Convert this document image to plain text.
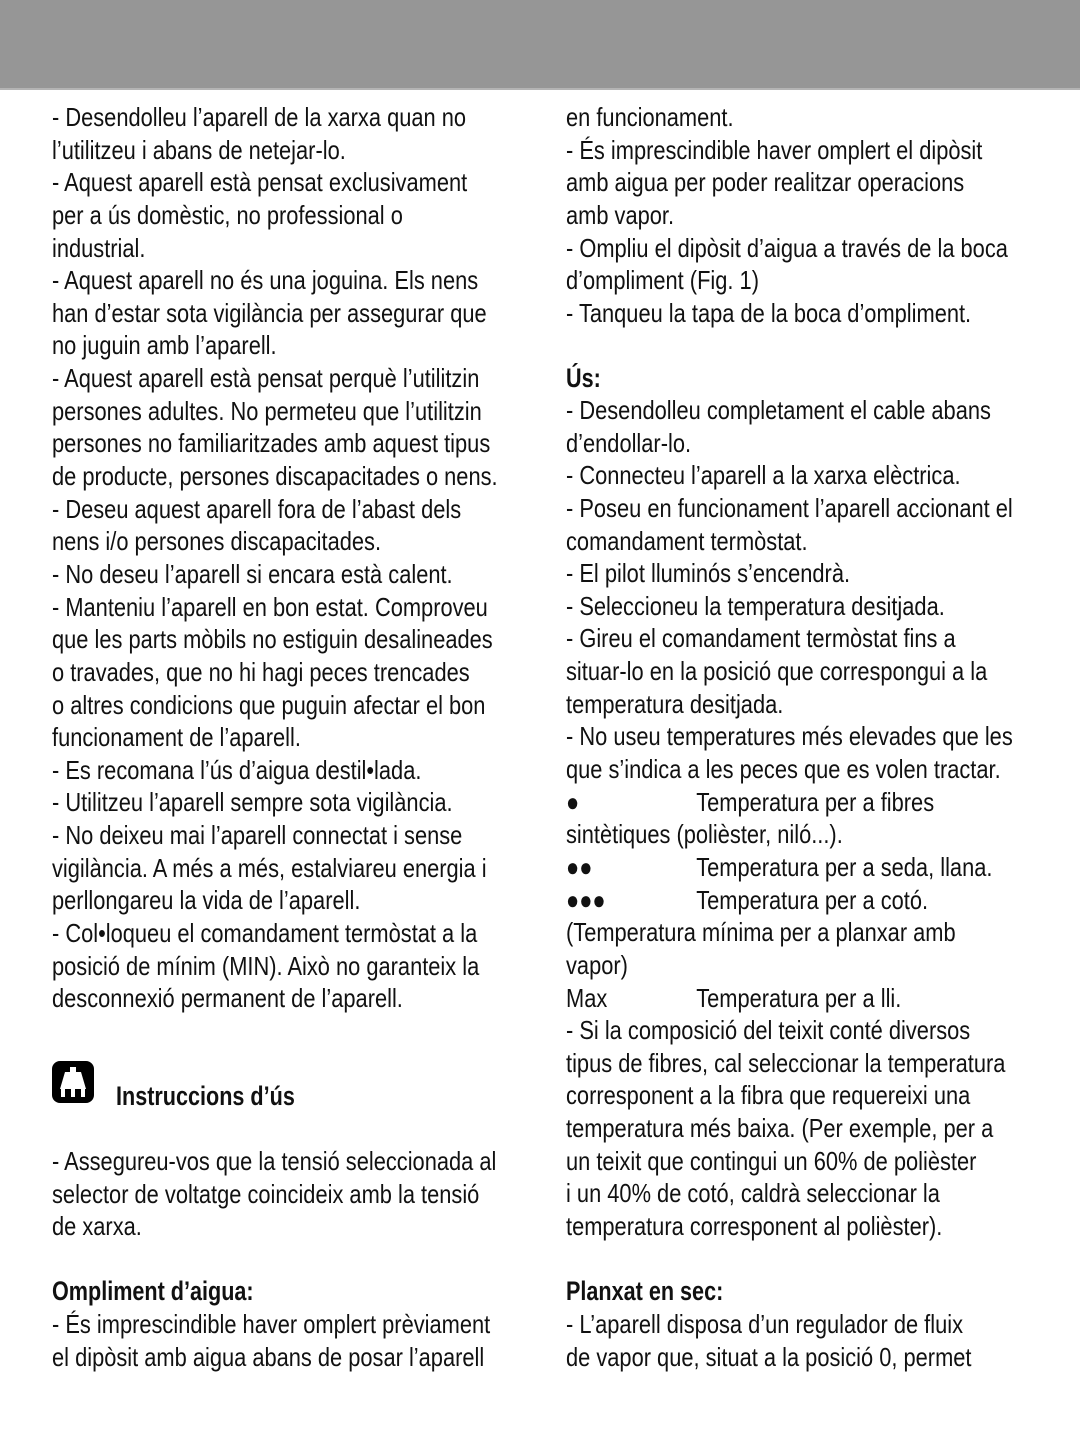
- Desendolleu l’aparell de la xarxa quan no
l’utilitzeu i abans de netejar-lo.
- Aquest aparell està pensat exclusivament
per a ús domèstic, no professional o
industrial.
- Aquest aparell no és una joguina. Els nens
han d’estar sota vigilància per assegurar que
no juguin amb l’aparell.
- Aquest aparell està pensat perquè l’utilitzin
persones adultes. No permeteu que l’utilitzin
persones no familiaritzades amb aquest tipus
de producte, persones discapacitades o nens.
- Deseu aquest aparell fora de l’abast dels
nens i/o persones discapacitades.
- No deseu l’aparell si encara està calent.
- Manteniu l’aparell en bon estat. Comproveu
que les parts mòbils no estiguin desalineades
o travades, que no hi hagi peces trencades
o altres condicions que puguin afectar el bon
funcionament de l’aparell.
- Es recomana l’ús d’aigua destil•lada.
- Utilitzeu l’aparell sempre sota vigilància.
- No deixeu mai l’aparell connectat i sense
vigilància. A més a més, estalviareu energia i
perllongareu la vida de l’aparell.
- Col•loqueu el comandament termòstat a la
posició de mínim (MIN). Això no garanteix la
desconnexió permanent de l’aparell.
Instruccions d’ús
- Assegureu-vos que la tensió seleccionada al
selector de voltatge coincideix amb la tensió
de xarxa.
Ompliment d’aigua:
- És imprescindible haver omplert prèviament
el dipòsit amb aigua abans de posar l’aparell
en funcionament.
- És imprescindible haver omplert el dipòsit
amb aigua per poder realitzar operacions
amb vapor.
- Ompliu el dipòsit d’aigua a través de la boca
d’ompliment (Fig. 1)
- Tanqueu la tapa de la boca d’ompliment.
Ús:
- Desendolleu completament el cable abans
d’endollar-lo.
- Connecteu l’aparell a la xarxa elèctrica.
- Poseu en funcionament l’aparell accionant el
comandament termòstat.
- El pilot lluminós s’encendrà.
- Seleccioneu la temperatura desitjada.
- Gireu el comandament termòstat fins a
situar-lo en la posició que correspongui a la
temperatura desitjada.
- No useu temperatures més elevades que les
que s’indica a les peces que es volen tractar.
●	Temperatura per a fibres
sintètiques (polièster, niló...).
●●	Temperatura per a seda, llana.
●●●	Temperatura per a cotó.
(Temperatura mínima per a planxar amb
vapor)
Max	Temperatura per a lli.
- Si la composició del teixit conté diversos
tipus de fibres, cal seleccionar la temperatura
corresponent a la fibra que requereixi una
temperatura més baixa. (Per exemple, per a
un teixit que contingui un 60% de polièster
i un 40% de cotó, caldrà seleccionar la
temperatura corresponent al polièster).
Planxat en sec:
- L’aparell disposa d’un regulador de fluix
de vapor que, situat a la posició 0, permet
